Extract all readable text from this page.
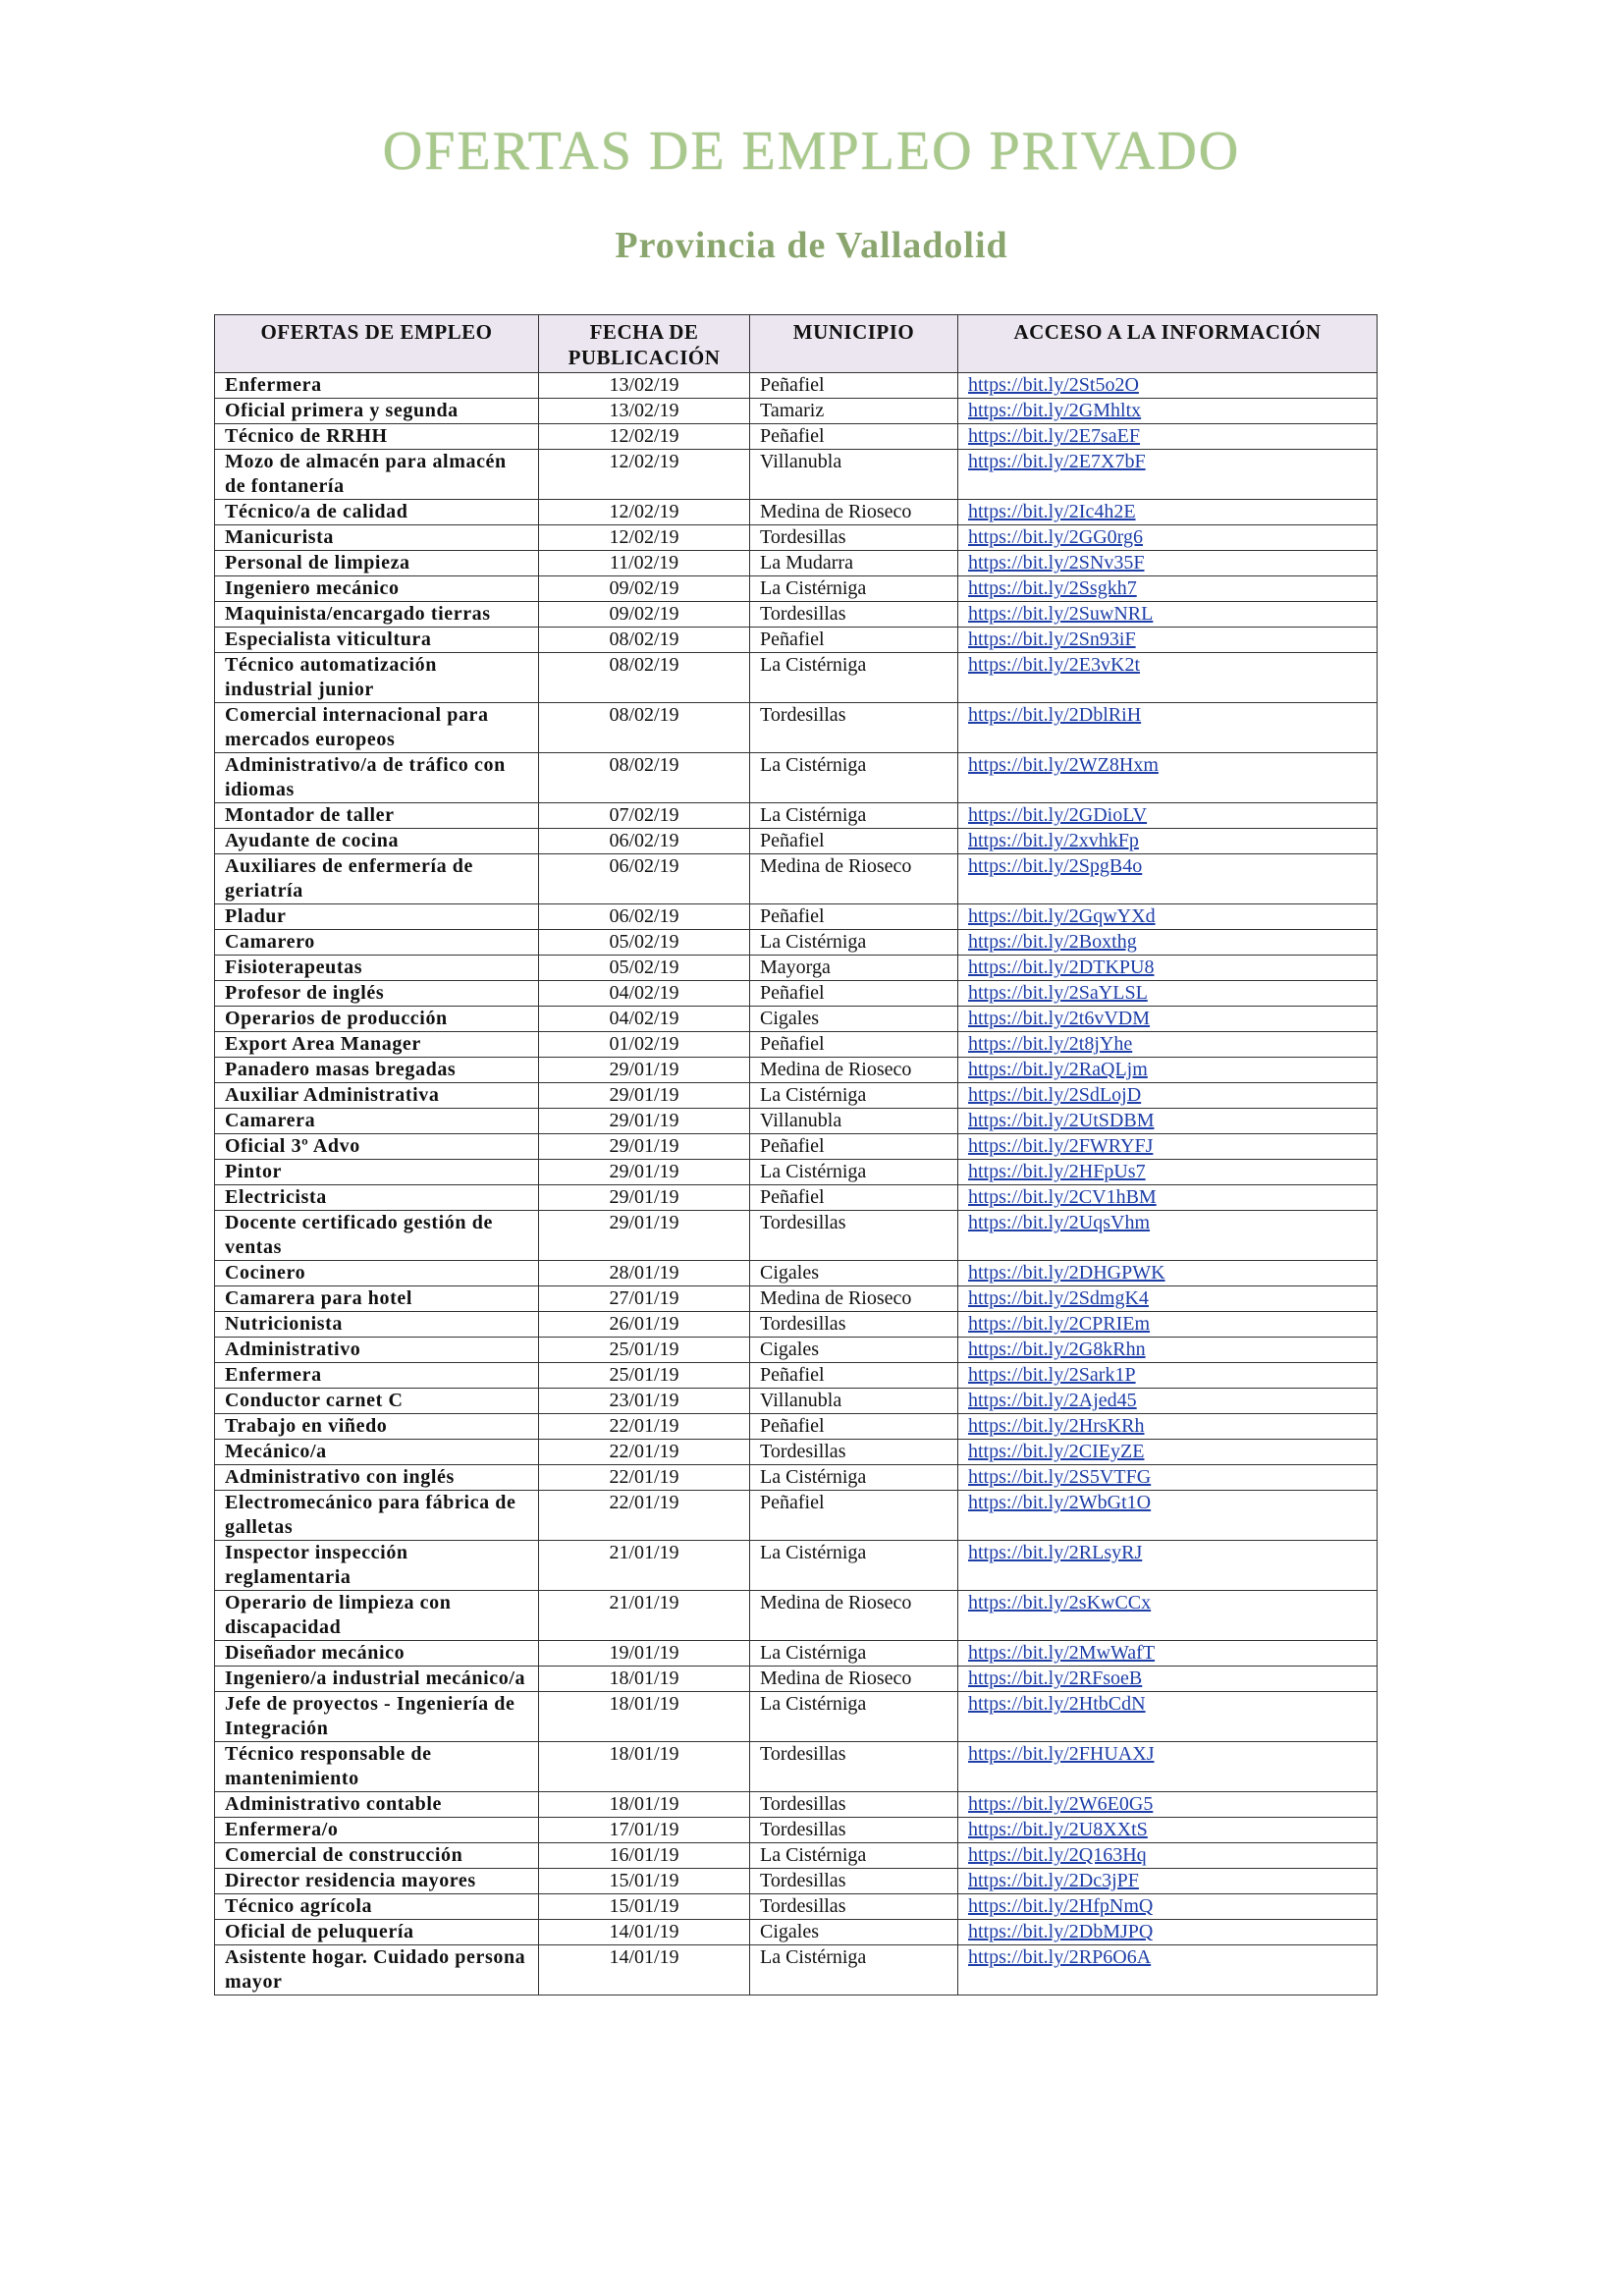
OFERTAS DE EMPLEO PRIVADO
Provincia de Valladolid
OFERTAS DE EMPLEO	FECHA DE PUBLICACIÓN	MUNICIPIO	ACCESO A LA INFORMACIÓN
Enfermera	13/02/19	Peñafiel	https://bit.ly/2St5o2O
Oficial primera y segunda	13/02/19	Tamariz	https://bit.ly/2GMhltx
Técnico de RRHH	12/02/19	Peñafiel	https://bit.ly/2E7saEF
Mozo de almacén para almacén de fontanería	12/02/19	Villanubla	https://bit.ly/2E7X7bF
Técnico/a de calidad	12/02/19	Medina de Rioseco	https://bit.ly/2Ic4h2E
Manicurista	12/02/19	Tordesillas	https://bit.ly/2GG0rg6
Personal de limpieza	11/02/19	La Mudarra	https://bit.ly/2SNv35F
Ingeniero mecánico	09/02/19	La Cistérniga	https://bit.ly/2Ssgkh7
Maquinista/encargado tierras	09/02/19	Tordesillas	https://bit.ly/2SuwNRL
Especialista viticultura	08/02/19	Peñafiel	https://bit.ly/2Sn93iF
Técnico automatización industrial junior	08/02/19	La Cistérniga	https://bit.ly/2E3vK2t
Comercial internacional para mercados europeos	08/02/19	Tordesillas	https://bit.ly/2DblRiH
Administrativo/a de tráfico con idiomas	08/02/19	La Cistérniga	https://bit.ly/2WZ8Hxm
Montador de taller	07/02/19	La Cistérniga	https://bit.ly/2GDioLV
Ayudante de cocina	06/02/19	Peñafiel	https://bit.ly/2xvhkFp
Auxiliares de enfermería de geriatría	06/02/19	Medina de Rioseco	https://bit.ly/2SpgB4o
Pladur	06/02/19	Peñafiel	https://bit.ly/2GqwYXd
Camarero	05/02/19	La Cistérniga	https://bit.ly/2Boxthg
Fisioterapeutas	05/02/19	Mayorga	https://bit.ly/2DTKPU8
Profesor de inglés	04/02/19	Peñafiel	https://bit.ly/2SaYLSL
Operarios de producción	04/02/19	Cigales	https://bit.ly/2t6vVDM
Export Area Manager	01/02/19	Peñafiel	https://bit.ly/2t8jYhe
Panadero masas bregadas	29/01/19	Medina de Rioseco	https://bit.ly/2RaQLjm
Auxiliar Administrativa	29/01/19	La Cistérniga	https://bit.ly/2SdLojD
Camarera	29/01/19	Villanubla	https://bit.ly/2UtSDBM
Oficial 3º Advo	29/01/19	Peñafiel	https://bit.ly/2FWRYFJ
Pintor	29/01/19	La Cistérniga	https://bit.ly/2HFpUs7
Electricista	29/01/19	Peñafiel	https://bit.ly/2CV1hBM
Docente certificado gestión de ventas	29/01/19	Tordesillas	https://bit.ly/2UqsVhm
Cocinero	28/01/19	Cigales	https://bit.ly/2DHGPWK
Camarera para hotel	27/01/19	Medina de Rioseco	https://bit.ly/2SdmgK4
Nutricionista	26/01/19	Tordesillas	https://bit.ly/2CPRIEm
Administrativo	25/01/19	Cigales	https://bit.ly/2G8kRhn
Enfermera	25/01/19	Peñafiel	https://bit.ly/2Sark1P
Conductor carnet C	23/01/19	Villanubla	https://bit.ly/2Ajed45
Trabajo en viñedo	22/01/19	Peñafiel	https://bit.ly/2HrsKRh
Mecánico/a	22/01/19	Tordesillas	https://bit.ly/2CIEyZE
Administrativo con inglés	22/01/19	La Cistérniga	https://bit.ly/2S5VTFG
Electromecánico para fábrica de galletas	22/01/19	Peñafiel	https://bit.ly/2WbGt1O
Inspector inspección reglamentaria	21/01/19	La Cistérniga	https://bit.ly/2RLsyRJ
Operario de limpieza con discapacidad	21/01/19	Medina de Rioseco	https://bit.ly/2sKwCCx
Diseñador mecánico	19/01/19	La Cistérniga	https://bit.ly/2MwWafT
Ingeniero/a industrial mecánico/a	18/01/19	Medina de Rioseco	https://bit.ly/2RFsoeB
Jefe de proyectos - Ingeniería de Integración	18/01/19	La Cistérniga	https://bit.ly/2HtbCdN
Técnico responsable de mantenimiento	18/01/19	Tordesillas	https://bit.ly/2FHUAXJ
Administrativo contable	18/01/19	Tordesillas	https://bit.ly/2W6E0G5
Enfermera/o	17/01/19	Tordesillas	https://bit.ly/2U8XXtS
Comercial de construcción	16/01/19	La Cistérniga	https://bit.ly/2Q163Hq
Director residencia mayores	15/01/19	Tordesillas	https://bit.ly/2Dc3jPF
Técnico agrícola	15/01/19	Tordesillas	https://bit.ly/2HfpNmQ
Oficial de peluquería	14/01/19	Cigales	https://bit.ly/2DbMJPQ
Asistente hogar. Cuidado persona mayor	14/01/19	La Cistérniga	https://bit.ly/2RP6O6A
